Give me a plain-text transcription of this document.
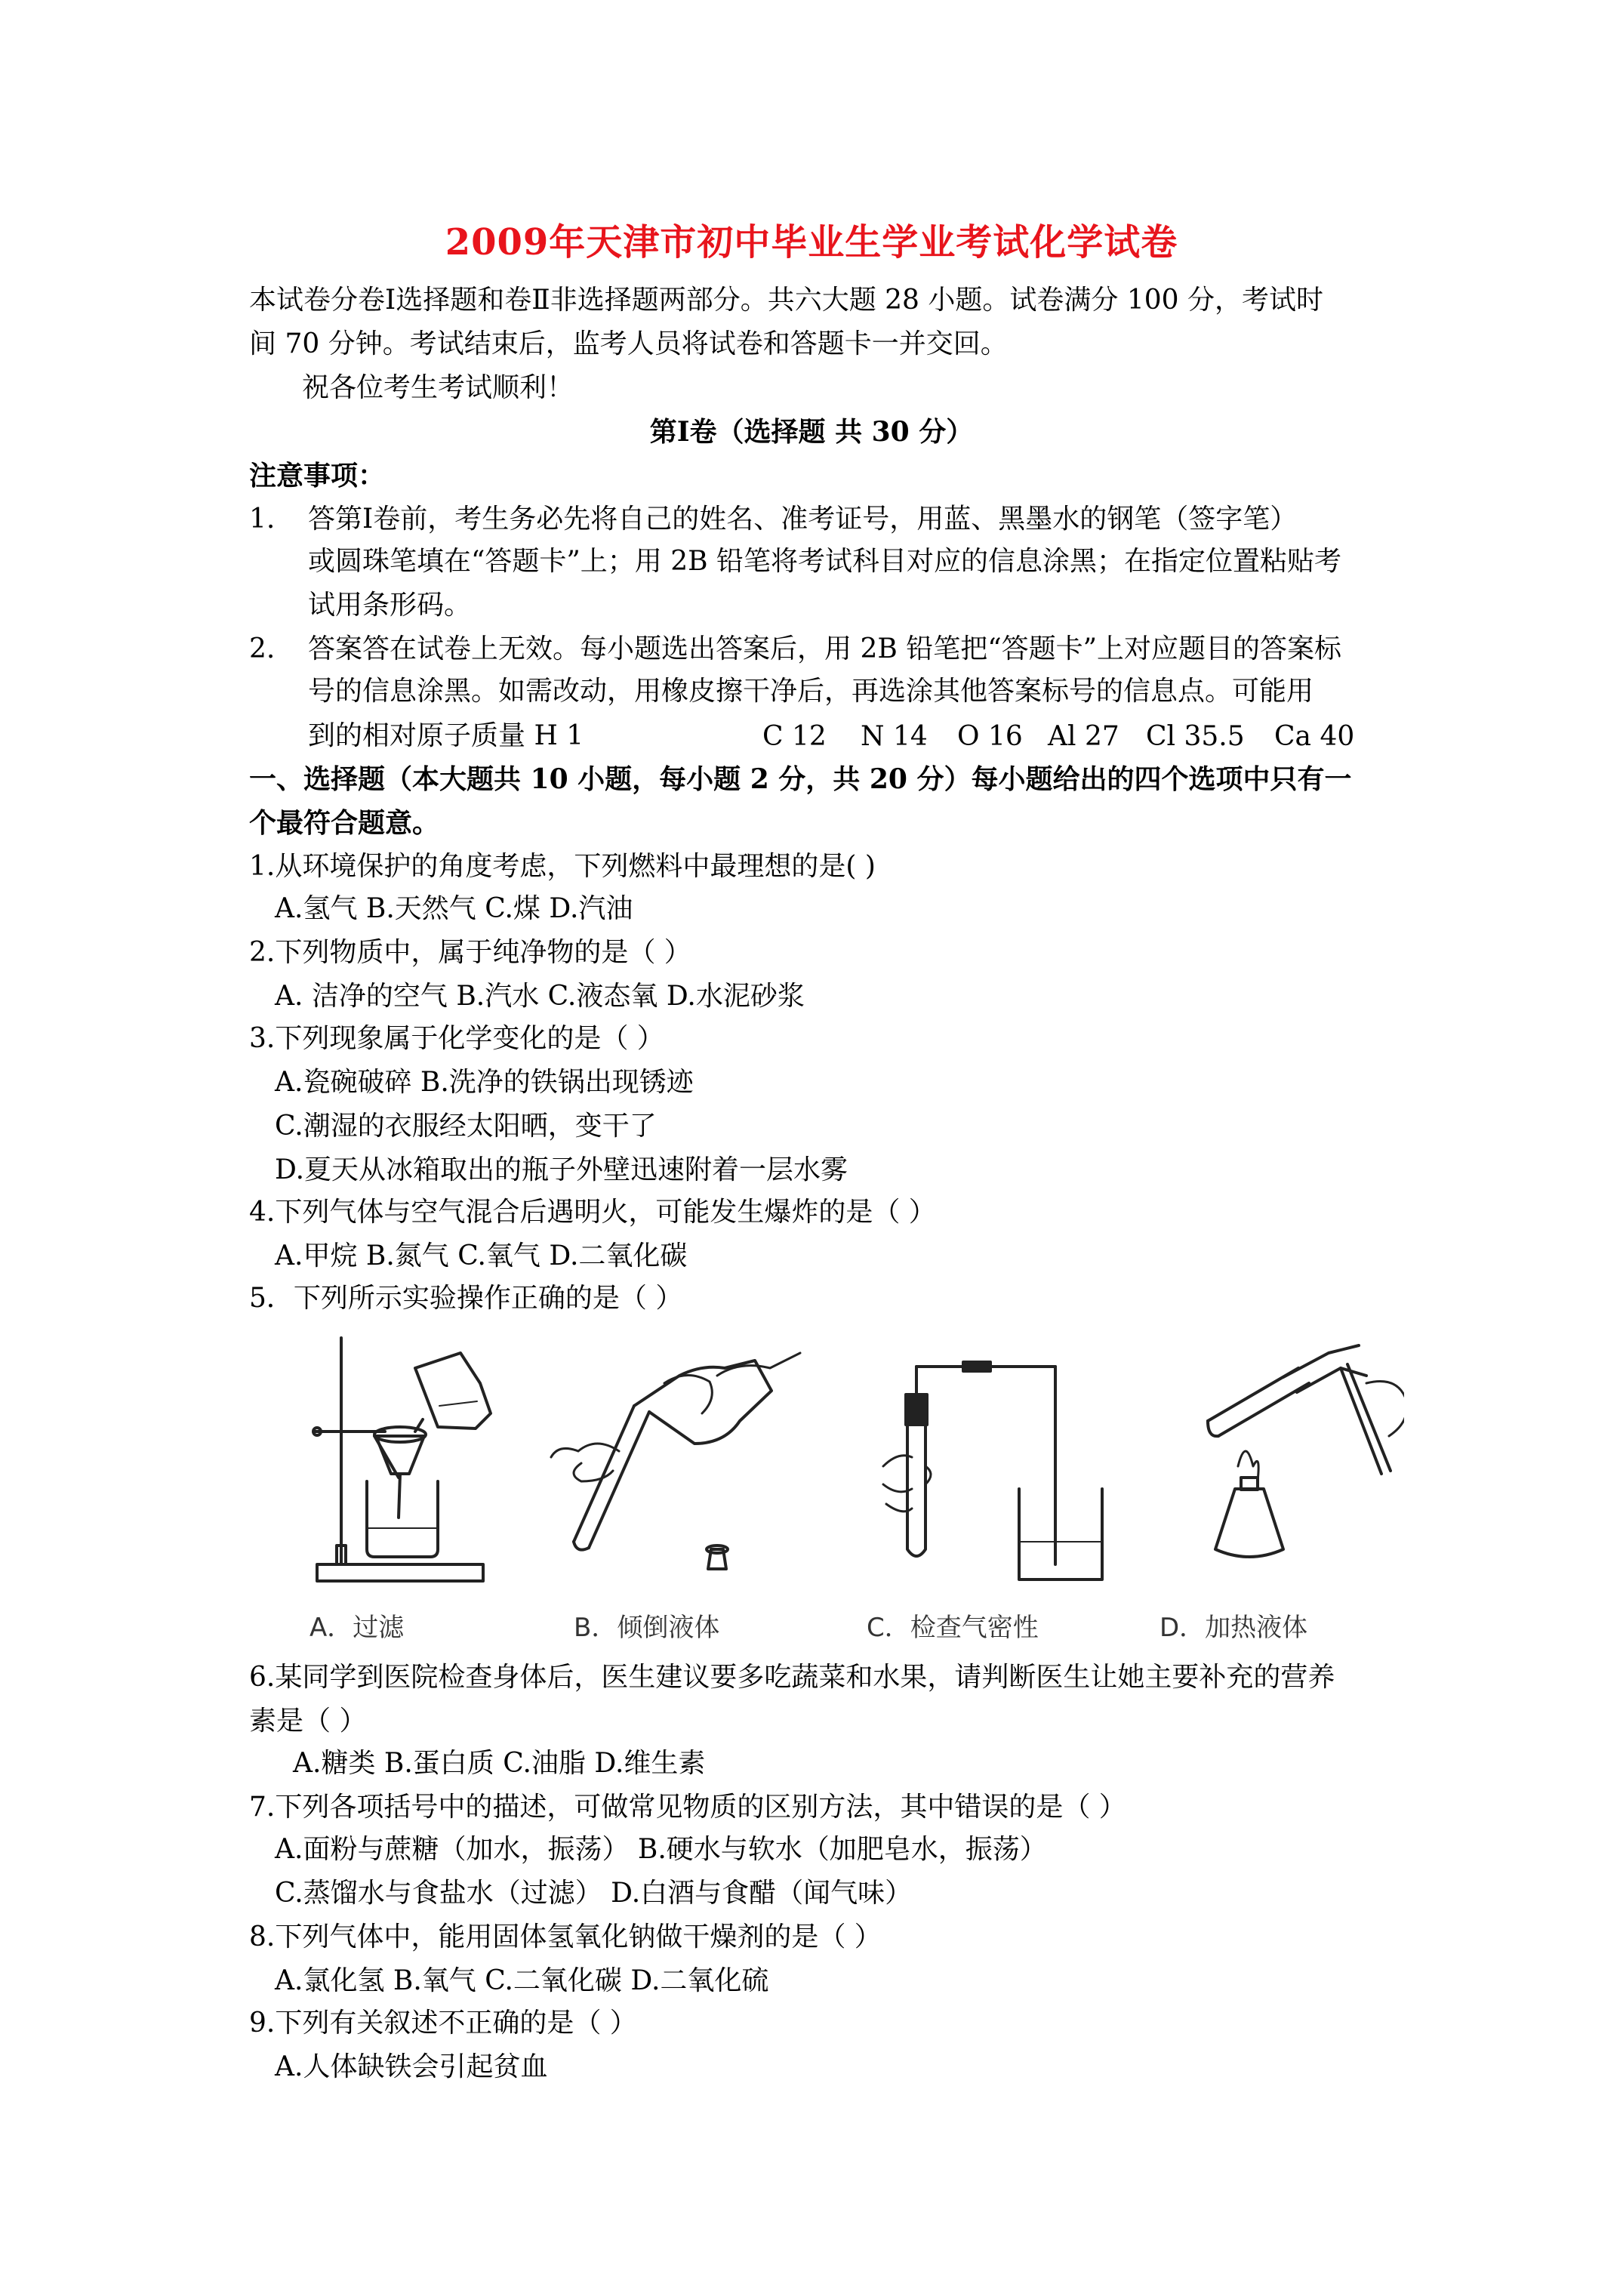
2009年天津市初中毕业生学业考试化学试卷
本试卷分卷Ⅰ选择题和卷Ⅱ非选择题两部分。共六大题 28 小题。试卷满分 100 分，考试时
间 70 分钟。考试结束后，监考人员将试卷和答题卡一并交回。
祝各位考生考试顺利！
第Ⅰ卷（选择题 共 30 分）
注意事项：
1. 答第Ⅰ卷前，考生务必先将自己的姓名、准考证号，用蓝、黑墨水的钢笔（签字笔）
或圆珠笔填在“答题卡”上；用 2B 铅笔将考试科目对应的信息涂黑；在指定位置粘贴考
试用条形码。
2. 答案答在试卷上无效。每小题选出答案后，用 2B 铅笔把“答题卡”上对应题目的答案标
号的信息涂黑。如需改动，用橡皮擦干净后，再选涂其他答案标号的信息点。可能用
到的相对原子质量 H 1	C 12 N 14 O 16 Al 27 Cl 35.5 Ca 40
一、选择题（本大题共 10 小题，每小题 2 分，共 20 分）每小题给出的四个选项中只有一
个最符合题意。
1.从环境保护的角度考虑，下列燃料中最理想的是( )
A.氢气 B.天然气 C.煤 D.汽油
2.下列物质中，属于纯净物的是（ ）
A. 洁净的空气 B.汽水 C.液态氧 D.水泥砂浆
3.下列现象属于化学变化的是（ ）
A.瓷碗破碎 B.洗净的铁锅出现锈迹
C.潮湿的衣服经太阳晒，变干了
D.夏天从冰箱取出的瓶子外壁迅速附着一层水雾
4.下列气体与空气混合后遇明火，可能发生爆炸的是（ ）
A.甲烷 B.氮气 C.氧气 D.二氧化碳
5．下列所示实验操作正确的是（ ）
A．过滤	B．倾倒液体	C．检查气密性	D．加热液体
6.某同学到医院检查身体后，医生建议要多吃蔬菜和水果，请判断医生让她主要补充的营养
素是（ ）
A.糖类 B.蛋白质 C.油脂 D.维生素
7.下列各项括号中的描述，可做常见物质的区别方法，其中错误的是（ ）
A.面粉与蔗糖（加水，振荡） B.硬水与软水（加肥皂水，振荡）
C.蒸馏水与食盐水（过滤） D.白酒与食醋（闻气味）
8.下列气体中，能用固体氢氧化钠做干燥剂的是（ ）
A.氯化氢 B.氧气 C.二氧化碳 D.二氧化硫
9.下列有关叙述不正确的是（ ）
A.人体缺铁会引起贫血
